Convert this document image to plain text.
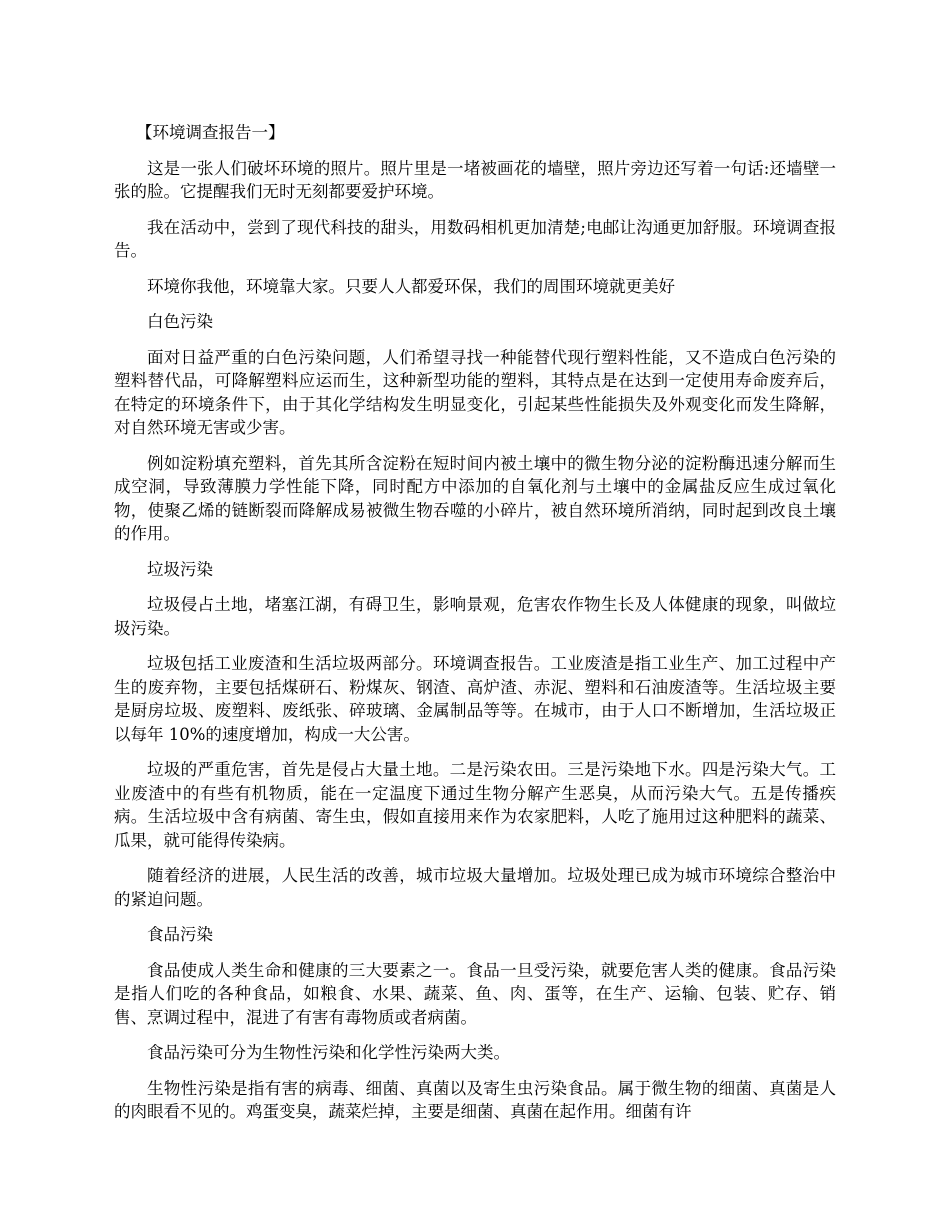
【环境调查报告一】

这是一张人们破坏环境的照片。照片里是一堵被画花的墙壁，照片旁边还写着一句话:还墙壁一张的脸。它提醒我们无时无刻都要爱护环境。

我在活动中，尝到了现代科技的甜头，用数码相机更加清楚;电邮让沟通更加舒服。环境调查报告。

环境你我他，环境靠大家。只要人人都爱环保，我们的周围环境就更美好

白色污染

面对日益严重的白色污染问题，人们希望寻找一种能替代现行塑料性能，又不造成白色污染的塑料替代品，可降解塑料应运而生，这种新型功能的塑料，其特点是在达到一定使用寿命废弃后，在特定的环境条件下，由于其化学结构发生明显变化，引起某些性能损失及外观变化而发生降解，对自然环境无害或少害。

例如淀粉填充塑料，首先其所含淀粉在短时间内被土壤中的微生物分泌的淀粉酶迅速分解而生成空洞，导致薄膜力学性能下降，同时配方中添加的自氧化剂与土壤中的金属盐反应生成过氧化物，使聚乙烯的链断裂而降解成易被微生物吞噬的小碎片，被自然环境所消纳，同时起到改良土壤的作用。

垃圾污染

垃圾侵占土地，堵塞江湖，有碍卫生，影响景观，危害农作物生长及人体健康的现象，叫做垃圾污染。

垃圾包括工业废渣和生活垃圾两部分。环境调查报告。工业废渣是指工业生产、加工过程中产生的废弃物，主要包括煤研石、粉煤灰、钢渣、高炉渣、赤泥、塑料和石油废渣等。生活垃圾主要是厨房垃圾、废塑料、废纸张、碎玻璃、金属制品等等。在城市，由于人口不断增加，生活垃圾正以每年 10%的速度增加，构成一大公害。

垃圾的严重危害，首先是侵占大量土地。二是污染农田。三是污染地下水。四是污染大气。工业废渣中的有些有机物质，能在一定温度下通过生物分解产生恶臭，从而污染大气。五是传播疾病。生活垃圾中含有病菌、寄生虫，假如直接用来作为农家肥料，人吃了施用过这种肥料的蔬菜、瓜果，就可能得传染病。

随着经济的进展，人民生活的改善，城市垃圾大量增加。垃圾处理已成为城市环境综合整治中的紧迫问题。

食品污染

食品使成人类生命和健康的三大要素之一。食品一旦受污染，就要危害人类的健康。食品污染是指人们吃的各种食品，如粮食、水果、蔬菜、鱼、肉、蛋等，在生产、运输、包装、贮存、销售、烹调过程中，混进了有害有毒物质或者病菌。

食品污染可分为生物性污染和化学性污染两大类。

生物性污染是指有害的病毒、细菌、真菌以及寄生虫污染食品。属于微生物的细菌、真菌是人的肉眼看不见的。鸡蛋变臭，蔬菜烂掉，主要是细菌、真菌在起作用。细菌有许
